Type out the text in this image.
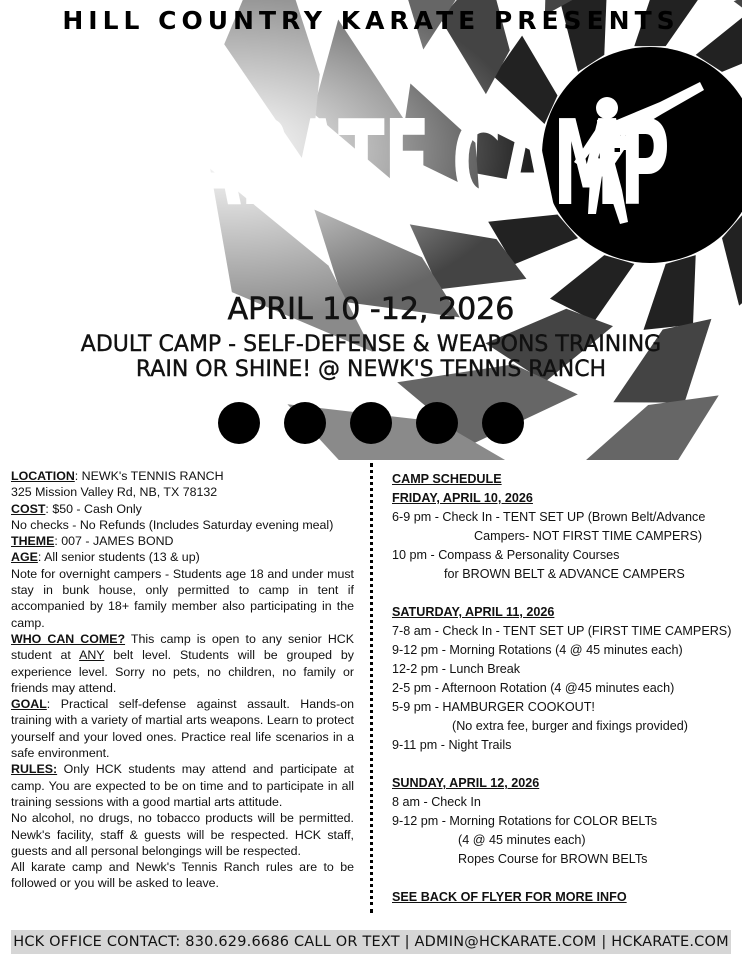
HILL COUNTRY KARATE PRESENTS
SR KARATE CAMP
APRIL 10 -12, 2026
ADULT CAMP - SELF-DEFENSE & WEAPONS TRAINING
RAIN OR SHINE! @ NEWK'S TENNIS RANCH

LOCATION: NEWK's TENNIS RANCH

325 Mission Valley Rd, NB, TX 78132

COST: $50 - Cash Only

No checks - No Refunds (Includes Saturday evening meal)

THEME: 007 - JAMES BOND

AGE: All senior students (13 & up)

Note for overnight campers - Students age 18 and under must stay in bunk house, only permitted to camp in tent if accompanied by 18+ family member also participating in the camp.

WHO CAN COME? This camp is open to any senior HCK student at ANY belt level. Students will be grouped by experience level. Sorry no pets, no children, no family or friends may attend.

GOAL: Practical self-defense against assault. Hands-on training with a variety of martial arts weapons. Learn to protect yourself and your loved ones. Practice real life scenarios in a safe environment.

RULES: Only HCK students may attend and participate at camp. You are expected to be on time and to participate in all training sessions with a good martial arts attitude.

No alcohol, no drugs, no tobacco products will be permitted. Newk's facility, staff & guests will be respected. HCK staff, guests and all personal belongings will be respected.

All karate camp and Newk's Tennis Ranch rules are to be followed or you will be asked to leave.

CAMP SCHEDULE
FRIDAY, APRIL 10, 2026
6-9 pm - Check In - TENT SET UP (Brown Belt/Advance
Campers- NOT FIRST TIME CAMPERS)
10 pm - Compass & Personality Courses
for BROWN BELT & ADVANCE CAMPERS
SATURDAY, APRIL 11, 2026
7-8 am - Check In - TENT SET UP (FIRST TIME CAMPERS)
9-12 pm - Morning Rotations (4 @ 45 minutes each)
12-2 pm - Lunch Break
2-5 pm - Afternoon Rotation (4 @45 minutes each)
5-9 pm - HAMBURGER COOKOUT!
(No extra fee, burger and fixings provided)
9-11 pm - Night Trails
SUNDAY, APRIL 12, 2026
8 am - Check In
9-12 pm - Morning Rotations for COLOR BELTs
(4 @ 45 minutes each)
Ropes Course for BROWN BELTs
SEE BACK OF FLYER FOR MORE INFO
HCK OFFICE CONTACT: 830.629.6686 CALL OR TEXT | ADMIN@HCKARATE.COM | HCKARATE.COM
